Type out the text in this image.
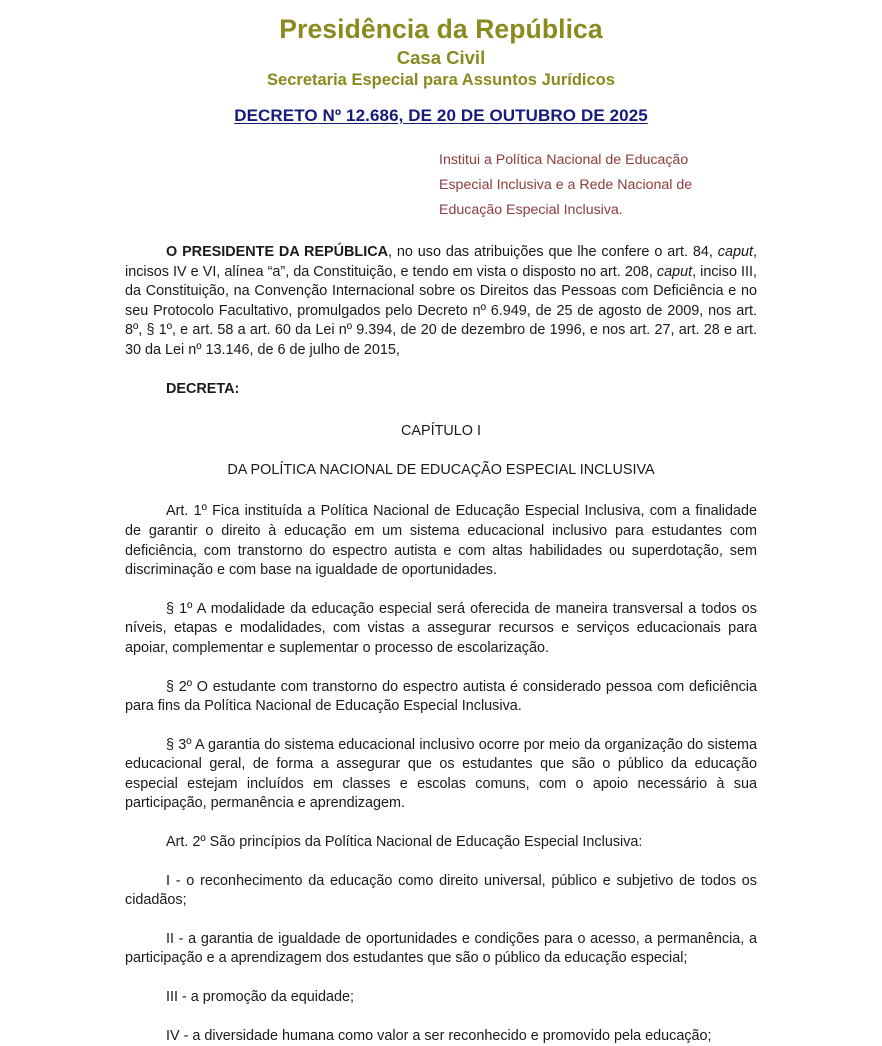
Presidência da República
Casa Civil
Secretaria Especial para Assuntos Jurídicos
DECRETO Nº 12.686, DE 20 DE OUTUBRO DE 2025

Institui a Política Nacional de Educação

Especial Inclusiva e a Rede Nacional de

Educação Especial Inclusiva.

O PRESIDENTE DA REPÚBLICA, no uso das atribuições que lhe confere o art. 84, caput, incisos IV e VI, alínea “a”, da Constituição, e tendo em vista o disposto no art. 208, caput, inciso III, da Constituição, na Convenção Internacional sobre os Direitos das Pessoas com Deficiência e no seu Protocolo Facultativo, promulgados pelo Decreto nº 6.949, de 25 de agosto de 2009, nos art. 8º, § 1º, e art. 58 a art. 60 da Lei nº 9.394, de 20 de dezembro de 1996, e nos art. 27, art. 28 e art. 30 da Lei nº 13.146, de 6 de julho de 2015,

DECRETA:

CAPÍTULO I

DA POLÍTICA NACIONAL DE EDUCAÇÃO ESPECIAL INCLUSIVA

Art. 1º Fica instituída a Política Nacional de Educação Especial Inclusiva, com a finalidade de garantir o direito à educação em um sistema educacional inclusivo para estudantes com deficiência, com transtorno do espectro autista e com altas habilidades ou superdotação, sem discriminação e com base na igualdade de oportunidades.

§ 1º A modalidade da educação especial será oferecida de maneira transversal a todos os níveis, etapas e modalidades, com vistas a assegurar recursos e serviços educacionais para apoiar, complementar e suplementar o processo de escolarização.

§ 2º O estudante com transtorno do espectro autista é considerado pessoa com deficiência para fins da Política Nacional de Educação Especial Inclusiva.

§ 3º A garantia do sistema educacional inclusivo ocorre por meio da organização do sistema educacional geral, de forma a assegurar que os estudantes que são o público da educação especial estejam incluídos em classes e escolas comuns, com o apoio necessário à sua participação, permanência e aprendizagem.

Art. 2º São princípios da Política Nacional de Educação Especial Inclusiva:

I - o reconhecimento da educação como direito universal, público e subjetivo de todos os cidadãos;

II - a garantia de igualdade de oportunidades e condições para o acesso, a permanência, a participação e a aprendizagem dos estudantes que são o público da educação especial;

III - a promoção da equidade;

IV - a diversidade humana como valor a ser reconhecido e promovido pela educação;
